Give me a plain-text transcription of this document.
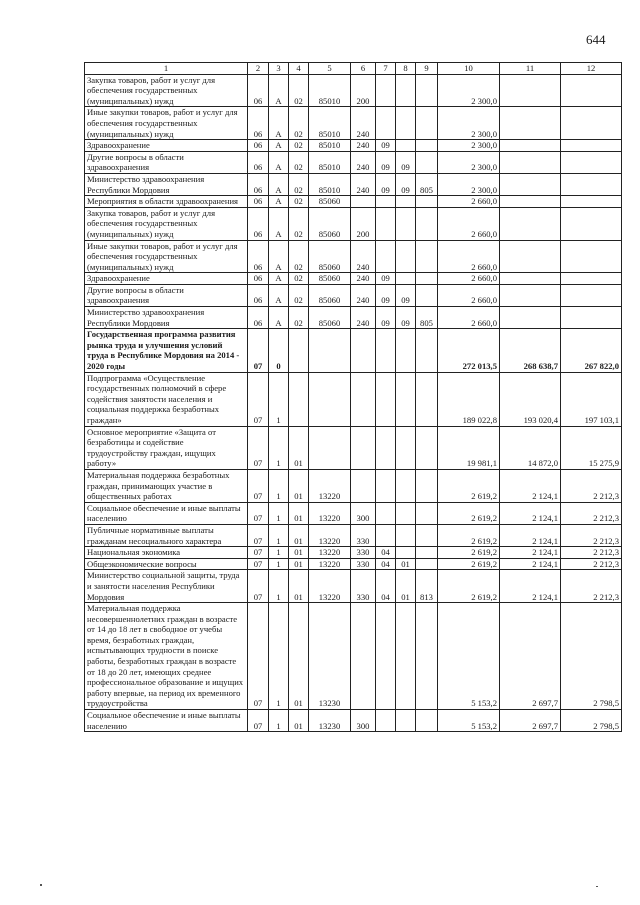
644
1	2	3	4	5	6	7	8	9	10	11	12
Закупка товаров, работ и услуг для обеспечения государственных (муниципальных) нужд	06	А	02	85010	200				2 300,0		
Иные закупки товаров, работ и услуг для обеспечения государственных (муниципальных) нужд	06	А	02	85010	240				2 300,0		
Здравоохранение	06	А	02	85010	240	09			2 300,0		
Другие вопросы в области здравоохранения	06	А	02	85010	240	09	09		2 300,0		
Министерство здравоохранения Республики Мордовия	06	А	02	85010	240	09	09	805	2 300,0		
Мероприятия в области здравоохранения	06	А	02	85060					2 660,0		
Закупка товаров, работ и услуг для обеспечения государственных (муниципальных) нужд	06	А	02	85060	200				2 660,0		
Иные закупки товаров, работ и услуг для обеспечения государственных (муниципальных) нужд	06	А	02	85060	240				2 660,0		
Здравоохранение	06	А	02	85060	240	09			2 660,0		
Другие вопросы в области здравоохранения	06	А	02	85060	240	09	09		2 660,0		
Министерство здравоохранения Республики Мордовия	06	А	02	85060	240	09	09	805	2 660,0		
Государственная программа развития рынка труда и улучшения условий труда в Республике Мордовия на 2014 - 2020 годы	07	0							272 013,5	268 638,7	267 822,0
Подпрограмма «Осуществление государственных полномочий в сфере содействия занятости населения и социальная поддержка безработных граждан»	07	1							189 022,8	193 020,4	197 103,1
Основное мероприятие «Защита от безработицы и содействие трудоустройству граждан, ищущих работу»	07	1	01						19 981,1	14 872,0	15 275,9
Материальная поддержка безработных граждан, принимающих участие в общественных работах	07	1	01	13220					2 619,2	2 124,1	2 212,3
Социальное обеспечение и иные выплаты населению	07	1	01	13220	300				2 619,2	2 124,1	2 212,3
Публичные нормативные выплаты гражданам несоциального характера	07	1	01	13220	330				2 619,2	2 124,1	2 212,3
Национальная экономика	07	1	01	13220	330	04			2 619,2	2 124,1	2 212,3
Общеэкономические вопросы	07	1	01	13220	330	04	01		2 619,2	2 124,1	2 212,3
Министерство социальной защиты, труда и занятости населения Республики Мордовия	07	1	01	13220	330	04	01	813	2 619,2	2 124,1	2 212,3
Материальная поддержка несовершеннолетних граждан в возрасте от 14 до 18 лет в свободное от учебы время, безработных граждан, испытывающих трудности в поиске работы, безработных граждан в возрасте от 18 до 20 лет, имеющих среднее профессиональное образование и ищущих работу впервые, на период их временного трудоустройства	07	1	01	13230					5 153,2	2 697,7	2 798,5
Социальное обеспечение и иные выплаты населению	07	1	01	13230	300				5 153,2	2 697,7	2 798,5
